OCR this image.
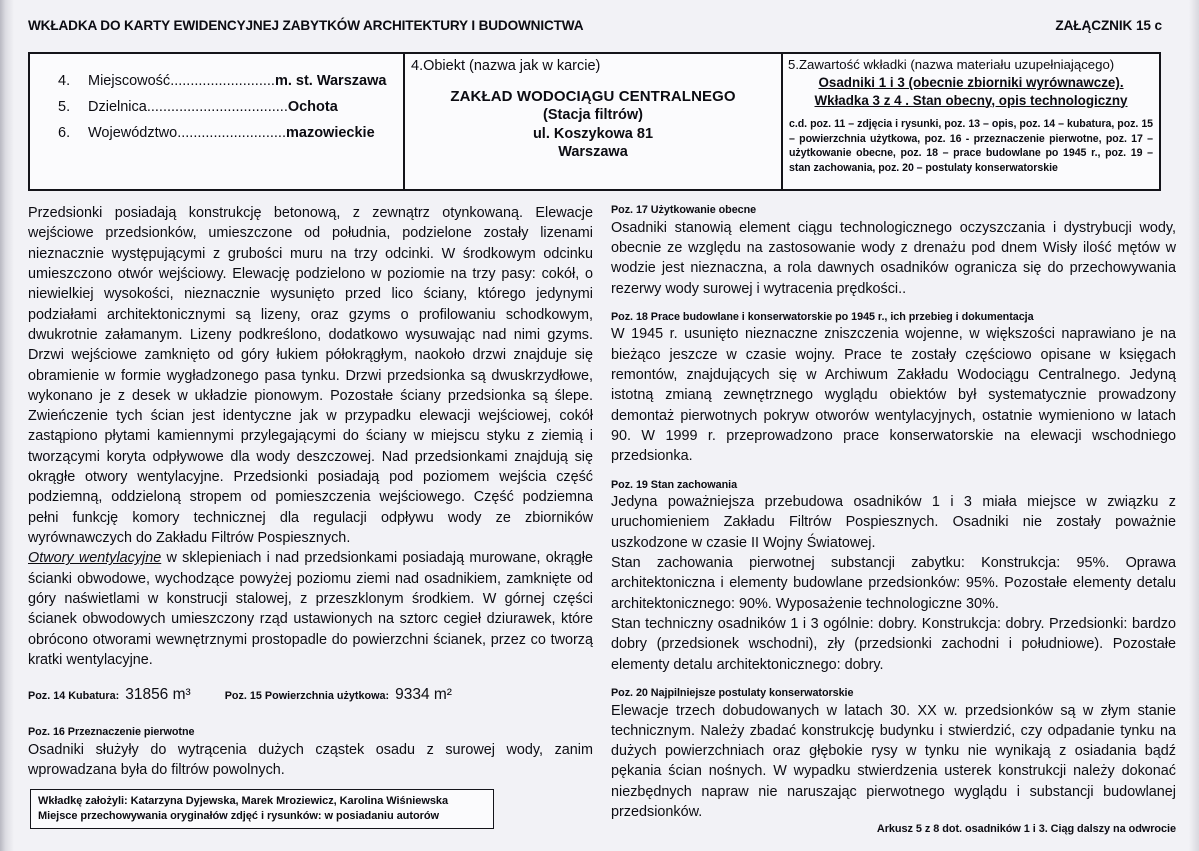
WKŁADKA DO KARTY EWIDENCYJNEJ ZABYTKÓW ARCHITEKTURY I BUDOWNICTWA	ZAŁĄCZNIK 15 c
4.	Miejscowość .......................... m. st. Warszawa
5.	Dzielnica ................................... Ochota
6.	Województwo ........................... mazowieckie
4.Obiekt (nazwa jak w karcie)
ZAKŁAD WODOCIĄGU CENTRALNEGO
(Stacja filtrów)
ul. Koszykowa 81
Warszawa
5.Zawartość wkładki (nazwa materiału uzupełniającego)
Osadniki 1 i 3 (obecnie zbiorniki wyrównawcze).
Wkładka 3 z 4 . Stan obecny, opis technologiczny
c.d. poz. 11 – zdjęcia i rysunki, poz. 13 – opis, poz. 14 – kubatura, poz. 15 – powierzchnia użytkowa, poz. 16 - przeznaczenie pierwotne, poz. 17 – użytkowanie obecne, poz. 18 – prace budowlane po 1945 r., poz. 19 – stan zachowania, poz. 20 – postulaty konserwatorskie

Przedsionki posiadają konstrukcję betonową, z zewnątrz otynkowaną. Elewacje wejściowe przedsionków, umieszczone od południa, podzielone zostały lizenami nieznacznie występującymi z grubości muru na trzy odcinki. W środkowym odcinku umieszczono otwór wejściowy. Elewację podzielono w poziomie na trzy pasy: cokół, o niewielkiej wysokości, nieznacznie wysunięto przed lico ściany, którego jedynymi podziałami architektonicznymi są lizeny, oraz gzyms o profilowaniu schodkowym, dwukrotnie załamanym. Lizeny podkreślono, dodatkowo wysuwając nad nimi gzyms. Drzwi wejściowe zamknięto od góry łukiem półokrągłym, naokoło drzwi znajduje się obramienie w formie wygładzonego pasa tynku. Drzwi przedsionka są dwuskrzydłowe, wykonano je z desek w układzie pionowym. Pozostałe ściany przedsionka są ślepe. Zwieńczenie tych ścian jest identyczne jak w przypadku elewacji wejściowej, cokół zastąpiono płytami kamiennymi przylegającymi do ściany w miejscu styku z ziemią i tworzącymi koryta odpływowe dla wody deszczowej. Nad przedsionkami znajdują się okrągłe otwory wentylacyjne. Przedsionki posiadają pod poziomem wejścia część podziemną, oddzieloną stropem od pomieszczenia wejściowego. Część podziemna pełni funkcję komory technicznej dla regulacji odpływu wody ze zbiorników wyrównawczych do Zakładu Filtrów Pospiesznych.

Otwory wentylacyjne w sklepieniach i nad przedsionkami posiadają murowane, okrągłe ścianki obwodowe, wychodzące powyżej poziomu ziemi nad osadnikiem, zamknięte od góry naświetlami w konstrucji stalowej, z przeszklonym środkiem. W górnej części ścianek obwodowych umieszczony rząd ustawionych na sztorc cegieł dziurawek, które obrócono otworami wewnętrznymi prostopadle do powierzchni ścianek, przez co tworzą kratki wentylacyjne.

Poz. 14 Kubatura: 31856 m³	Poz. 15 Powierzchnia użytkowa: 9334 m²
Poz. 16 Przeznaczenie pierwotne

Osadniki służyły do wytrącenia dużych cząstek osadu z surowej wody, zanim wprowadzana była do filtrów powolnych.

Poz. 17 Użytkowanie obecne

Osadniki stanowią element ciągu technologicznego oczyszczania i dystrybucji wody, obecnie ze względu na zastosowanie wody z drenażu pod dnem Wisły ilość mętów w wodzie jest nieznaczna, a rola dawnych osadników ogranicza się do przechowywania rezerwy wody surowej i wytracenia prędkości..

Poz. 18 Prace budowlane i konserwatorskie po 1945 r., ich przebieg i dokumentacja

W 1945 r. usunięto nieznaczne zniszczenia wojenne, w większości naprawiano je na bieżąco jeszcze w czasie wojny. Prace te zostały częściowo opisane w księgach remontów, znajdujących się w Archiwum Zakładu Wodociągu Centralnego. Jedyną istotną zmianą zewnętrznego wyglądu obiektów był systematycznie prowadzony demontaż pierwotnych pokryw otworów wentylacyjnych, ostatnie wymieniono w latach 90. W 1999 r. przeprowadzono prace konserwatorskie na elewacji wschodniego przedsionka.

Poz. 19 Stan zachowania

Jedyna poważniejsza przebudowa osadników 1 i 3 miała miejsce w związku z uruchomieniem Zakładu Filtrów Pospiesznych. Osadniki nie zostały poważnie uszkodzone w czasie II Wojny Światowej.

Stan zachowania pierwotnej substancji zabytku: Konstrukcja: 95%. Oprawa architektoniczna i elementy budowlane przedsionków: 95%. Pozostałe elementy detalu architektonicznego: 90%. Wyposażenie technologiczne 30%.

Stan techniczny osadników 1 i 3 ogólnie: dobry. Konstrukcja: dobry. Przedsionki: bardzo dobry (przedsionek wschodni), zły (przedsionki zachodni i południowe). Pozostałe elementy detalu architektonicznego: dobry.

Poz. 20 Najpilniejsze postulaty konserwatorskie

Elewacje trzech dobudowanych w latach 30. XX w. przedsionków są w złym stanie technicznym. Należy zbadać konstrukcję budynku i stwierdzić, czy odpadanie tynku na dużych powierzchniach oraz głębokie rysy w tynku nie wynikają z osiadania bądź pękania ścian nośnych. W wypadku stwierdzenia usterek konstrukcji należy dokonać niezbędnych napraw nie naruszając pierwotnego wyglądu i substancji budowlanej przedsionków.

Arkusz 5 z 8 dot. osadników 1 i 3. Ciąg dalszy na odwrocie
Wkładkę założyli: Katarzyna Dyjewska, Marek Mroziewicz, Karolina Wiśniewska
Miejsce przechowywania oryginałów zdjęć i rysunków: w posiadaniu autorów
